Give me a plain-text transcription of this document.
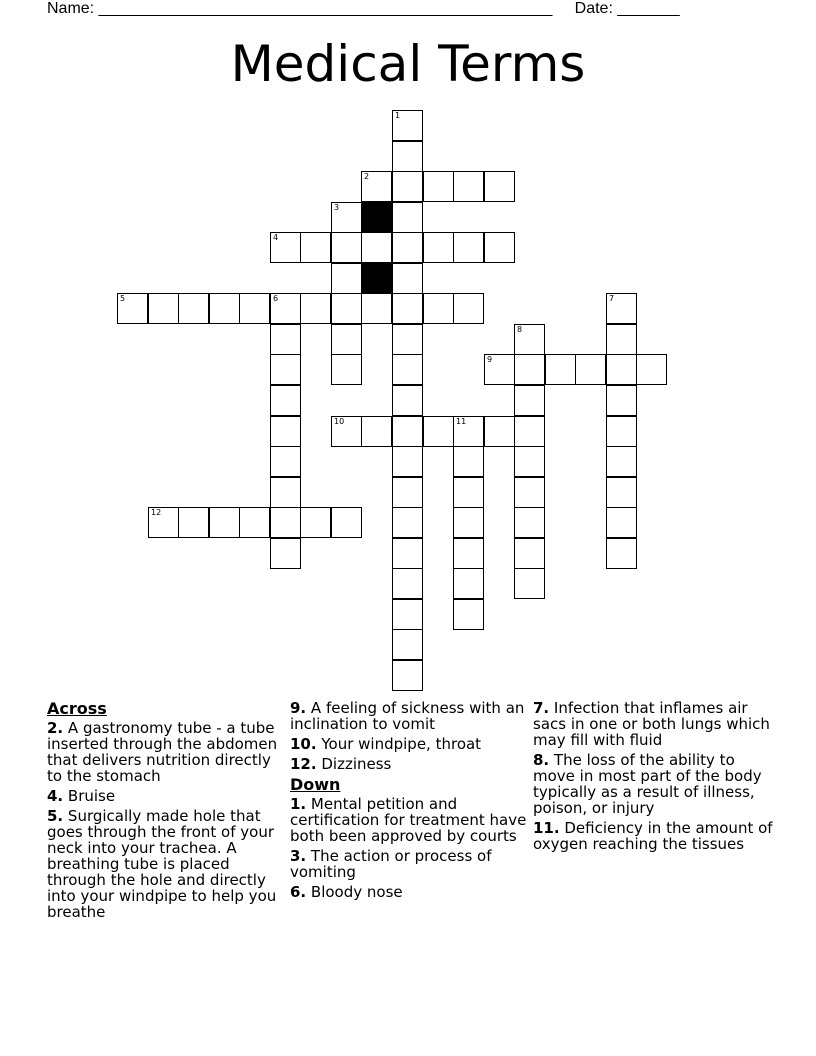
Name: ___________________________________________________ Date: _______
Medical Terms
1
2
3
4
5	6	7
8
9
10	11
12
Across
2. A gastronomy tube - a tube inserted through the abdomen that delivers nutrition directly to the stomach
4. Bruise
5. Surgically made hole that goes through the front of your neck into your trachea. A breathing tube is placed through the hole and directly into your windpipe to help you breathe
9. A feeling of sickness with an inclination to vomit
10. Your windpipe, throat
12. Dizziness
Down
1. Mental petition and certification for treatment have both been approved by courts
3. The action or process of vomiting
6. Bloody nose
7. Infection that inflames air sacs in one or both lungs which may fill with fluid
8. The loss of the ability to move in most part of the body typically as a result of illness, poison, or injury
11. Deficiency in the amount of oxygen reaching the tissues
